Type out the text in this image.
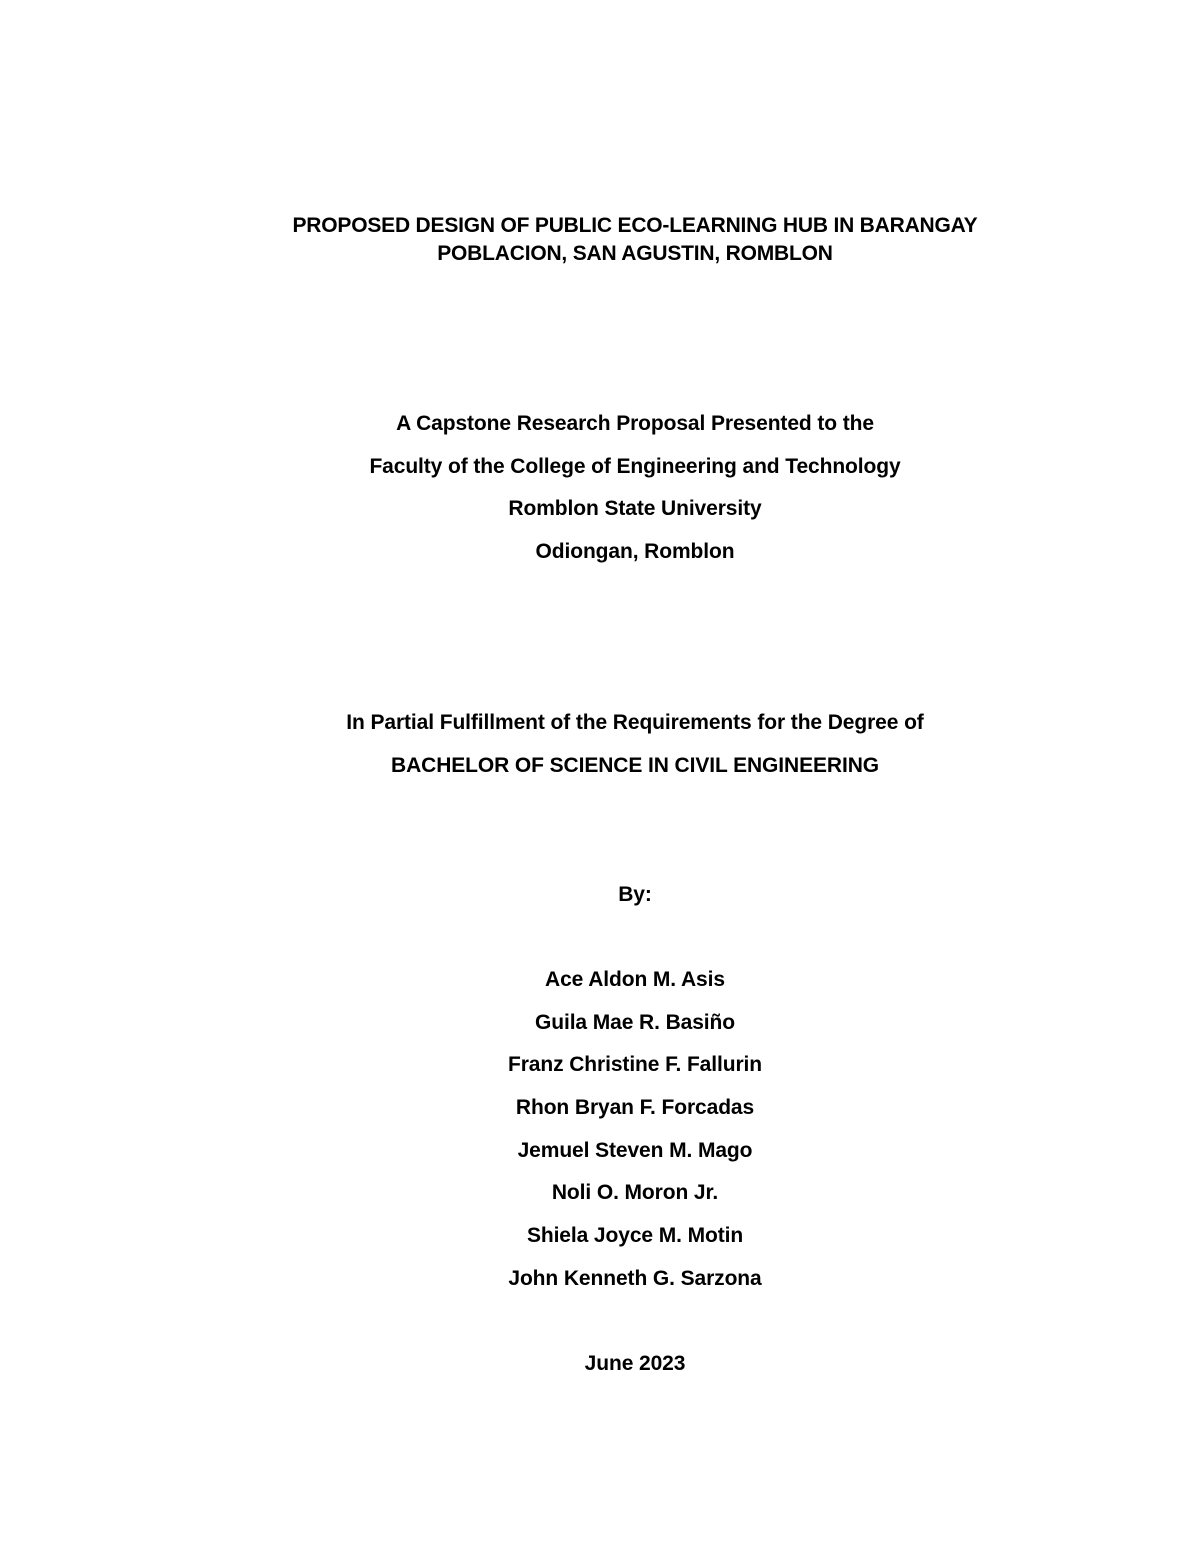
PROPOSED DESIGN OF PUBLIC ECO-LEARNING HUB IN BARANGAY
POBLACION, SAN AGUSTIN, ROMBLON
A Capstone Research Proposal Presented to the
Faculty of the College of Engineering and Technology
Romblon State University
Odiongan, Romblon
In Partial Fulfillment of the Requirements for the Degree of
BACHELOR OF SCIENCE IN CIVIL ENGINEERING
By:
Ace Aldon M. Asis
Guila Mae R. Basiño
Franz Christine F. Fallurin
Rhon Bryan F. Forcadas
Jemuel Steven M. Mago
Noli O. Moron Jr.
Shiela Joyce M. Motin
John Kenneth G. Sarzona
June 2023
